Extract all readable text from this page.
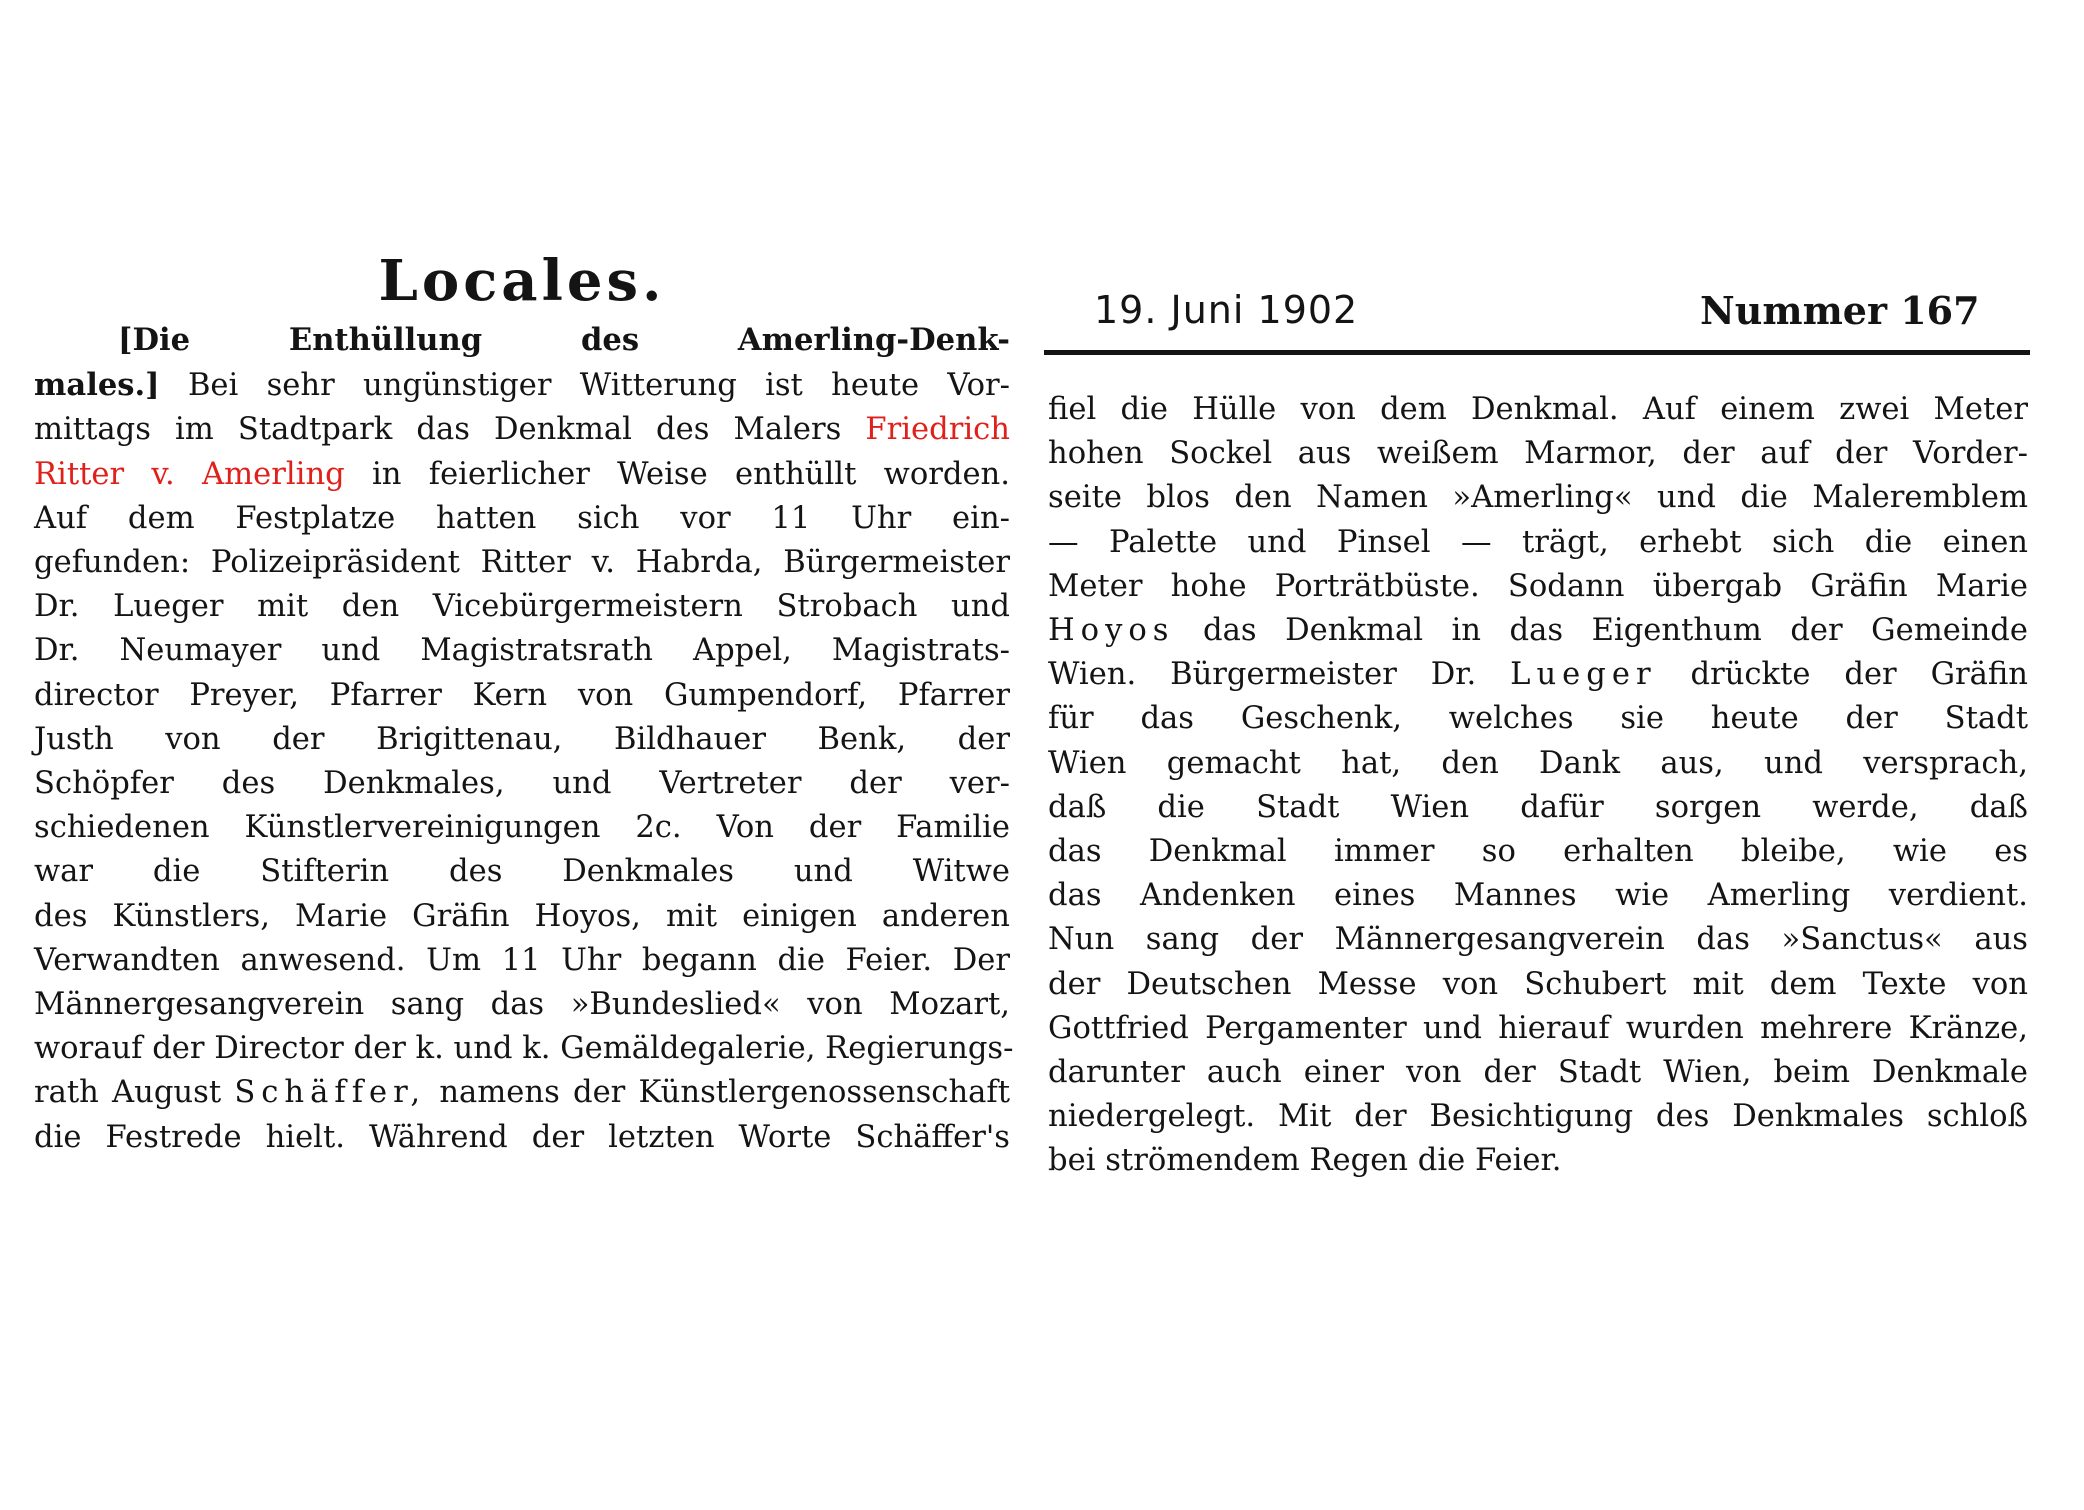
Locales.
[Die Enthüllung des Amerling-Denk-
males.] Bei sehr ungünstiger Witterung ist heute Vor-
mittags im Stadtpark das Denkmal des Malers Friedrich
Ritter v. Amerling in feierlicher Weise enthüllt worden.
Auf dem Festplatze hatten sich vor 11 Uhr ein-
gefunden: Polizeipräsident Ritter v. Habrda, Bürgermeister
Dr. Lueger mit den Vicebürgermeistern Strobach und
Dr. Neumayer und Magistratsrath Appel, Magistrats-
director Preyer, Pfarrer Kern von Gumpendorf, Pfarrer
Justh von der Brigittenau, Bildhauer Benk, der
Schöpfer des Denkmales, und Vertreter der ver-
schiedenen Künstlervereinigungen 2c. Von der Familie
war die Stifterin des Denkmales und Witwe
des Künstlers, Marie Gräfin Hoyos, mit einigen anderen
Verwandten anwesend. Um 11 Uhr begann die Feier. Der
Männergesangverein sang das »Bundeslied« von Mozart,
worauf der Director der k. und k. Gemäldegalerie, Regierungs-
rath August Schäffer, namens der Künstlergenossenschaft
die Festrede hielt. Während der letzten Worte Schäffer's
19. Juni 1902	Nummer 167
fiel die Hülle von dem Denkmal. Auf einem zwei Meter
hohen Sockel aus weißem Marmor, der auf der Vorder-
seite blos den Namen »Amerling« und die Maleremblem
— Palette und Pinsel — trägt, erhebt sich die einen
Meter hohe Porträtbüste. Sodann übergab Gräfin Marie
Hoyos das Denkmal in das Eigenthum der Gemeinde
Wien. Bürgermeister Dr. Lueger drückte der Gräfin
für das Geschenk, welches sie heute der Stadt
Wien gemacht hat, den Dank aus, und versprach,
daß die Stadt Wien dafür sorgen werde, daß
das Denkmal immer so erhalten bleibe, wie es
das Andenken eines Mannes wie Amerling verdient.
Nun sang der Männergesangverein das »Sanctus« aus
der Deutschen Messe von Schubert mit dem Texte von
Gottfried Pergamenter und hierauf wurden mehrere Kränze,
darunter auch einer von der Stadt Wien, beim Denkmale
niedergelegt. Mit der Besichtigung des Denkmales schloß
bei strömendem Regen die Feier.
